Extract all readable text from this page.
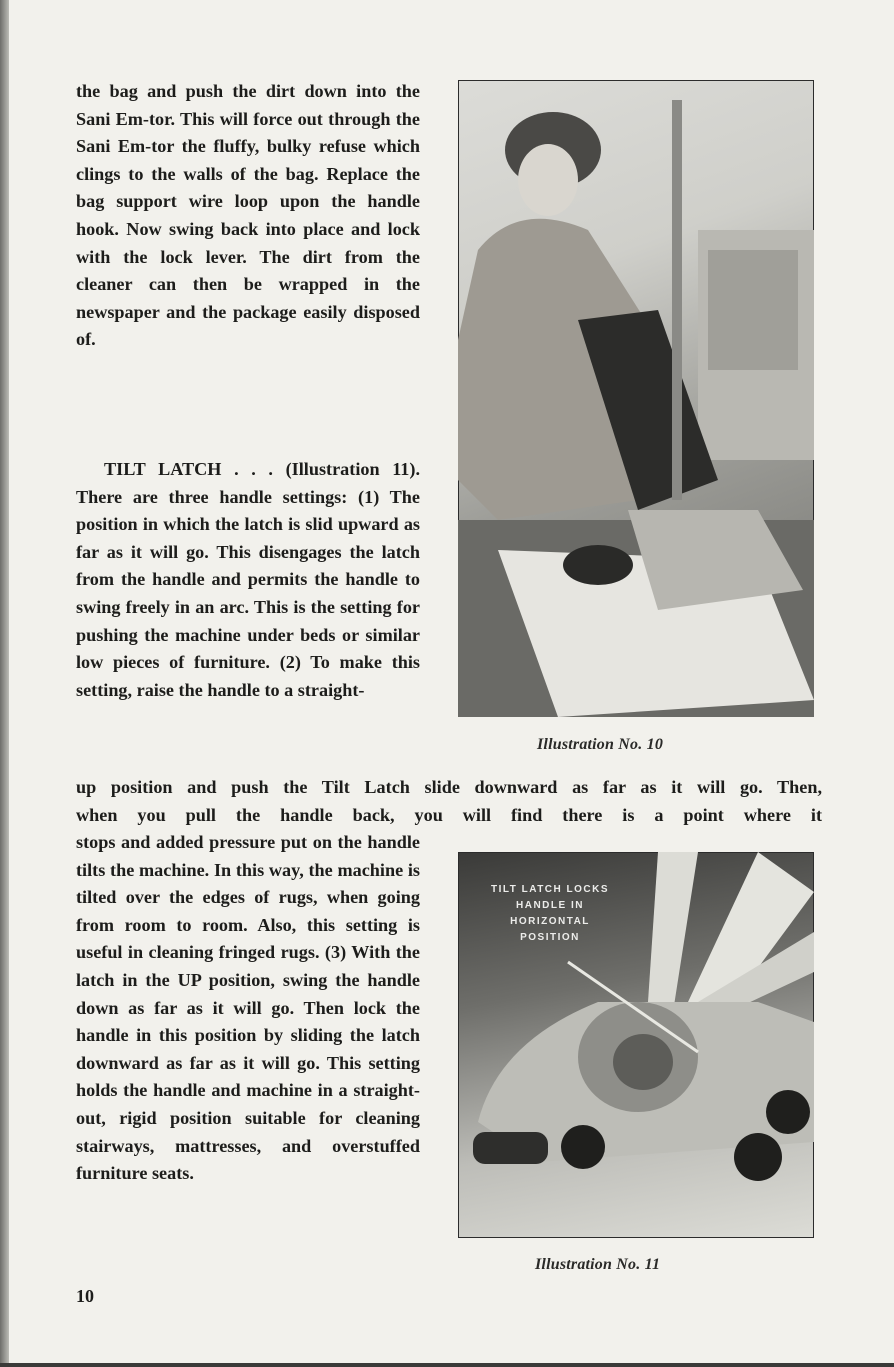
the bag and push the dirt down into the Sani Em-tor. This will force out through the Sani Em-tor the fluffy, bulky refuse which clings to the walls of the bag. Replace the bag support wire loop upon the handle hook. Now swing back into place and lock with the lock lever. The dirt from the cleaner can then be wrapped in the newspaper and the package easily disposed of.

TILT LATCH . . . (Illustration 11). There are three handle settings: (1) The position in which the latch is slid upward as far as it will go. This disengages the latch from the handle and permits the handle to swing freely in an arc. This is the setting for pushing the machine under beds or similar low pieces of furniture. (2) To make this setting, raise the handle to a straight-

up position and push the Tilt Latch slide downward as far as it will go. Then,
when you pull the handle back, you will find there is a point where it

stops and added pressure put on the handle tilts the machine. In this way, the machine is tilted over the edges of rugs, when going from room to room. Also, this setting is useful in cleaning fringed rugs. (3) With the latch in the UP position, swing the handle down as far as it will go. Then lock the handle in this position by sliding the latch downward as far as it will go. This setting holds the handle and machine in a straight-out, rigid position suitable for cleaning stairways, mattresses, and overstuffed furniture seats.

Illustration No. 10
TILT LATCH LOCKS HANDLE IN HORIZONTAL POSITION
Illustration No. 11
10
